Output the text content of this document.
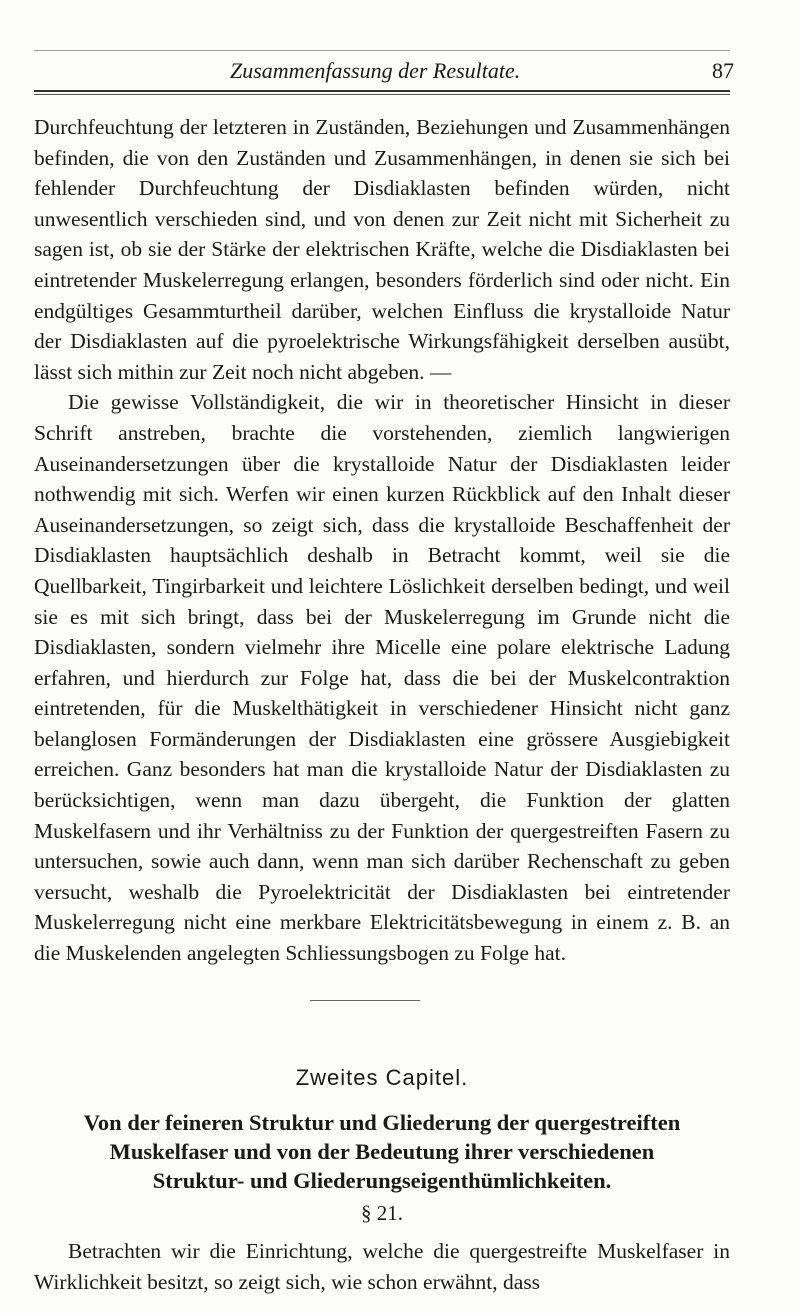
Zusammenfassung der Resultate.	87

Durchfeuchtung der letzteren in Zuständen, Beziehungen und Zusammenhängen befinden, die von den Zuständen und Zusammenhängen, in denen sie sich bei fehlender Durchfeuchtung der Disdiaklasten befinden würden, nicht unwesentlich verschieden sind, und von denen zur Zeit nicht mit Sicherheit zu sagen ist, ob sie der Stärke der elektrischen Kräfte, welche die Disdiaklasten bei eintretender Muskelerregung erlangen, besonders förderlich sind oder nicht. Ein endgültiges Gesammturtheil darüber, welchen Einfluss die krystalloide Natur der Disdiaklasten auf die pyroelektrische Wirkungsfähigkeit derselben ausübt, lässt sich mithin zur Zeit noch nicht abgeben. —

Die gewisse Vollständigkeit, die wir in theoretischer Hinsicht in dieser Schrift anstreben, brachte die vorstehenden, ziemlich langwierigen Auseinandersetzungen über die krystalloide Natur der Disdiaklasten leider nothwendig mit sich. Werfen wir einen kurzen Rückblick auf den Inhalt dieser Auseinandersetzungen, so zeigt sich, dass die krystalloide Beschaffenheit der Disdiaklasten hauptsächlich deshalb in Betracht kommt, weil sie die Quellbarkeit, Tingirbarkeit und leichtere Löslichkeit derselben bedingt, und weil sie es mit sich bringt, dass bei der Muskelerregung im Grunde nicht die Disdiaklasten, sondern vielmehr ihre Micelle eine polare elektrische Ladung erfahren, und hierdurch zur Folge hat, dass die bei der Muskelcontraktion eintretenden, für die Muskelthätigkeit in verschiedener Hinsicht nicht ganz belanglosen Formänderungen der Disdiaklasten eine grössere Ausgiebigkeit erreichen. Ganz besonders hat man die krystalloide Natur der Disdiaklasten zu berücksichtigen, wenn man dazu übergeht, die Funktion der glatten Muskelfasern und ihr Verhältniss zu der Funktion der quergestreiften Fasern zu untersuchen, sowie auch dann, wenn man sich darüber Rechenschaft zu geben versucht, weshalb die Pyroelektricität der Disdiaklasten bei eintretender Muskelerregung nicht eine merkbare Elektricitätsbewegung in einem z. B. an die Muskelenden angelegten Schliessungsbogen zu Folge hat.

Zweites Capitel.
Von der feineren Struktur und Gliederung der quergestreiften
Muskelfaser und von der Bedeutung ihrer verschiedenen
Struktur- und Gliederungseigenthümlichkeiten.
§ 21.

Betrachten wir die Einrichtung, welche die quergestreifte Muskelfaser in Wirklichkeit besitzt, so zeigt sich, wie schon erwähnt, dass
